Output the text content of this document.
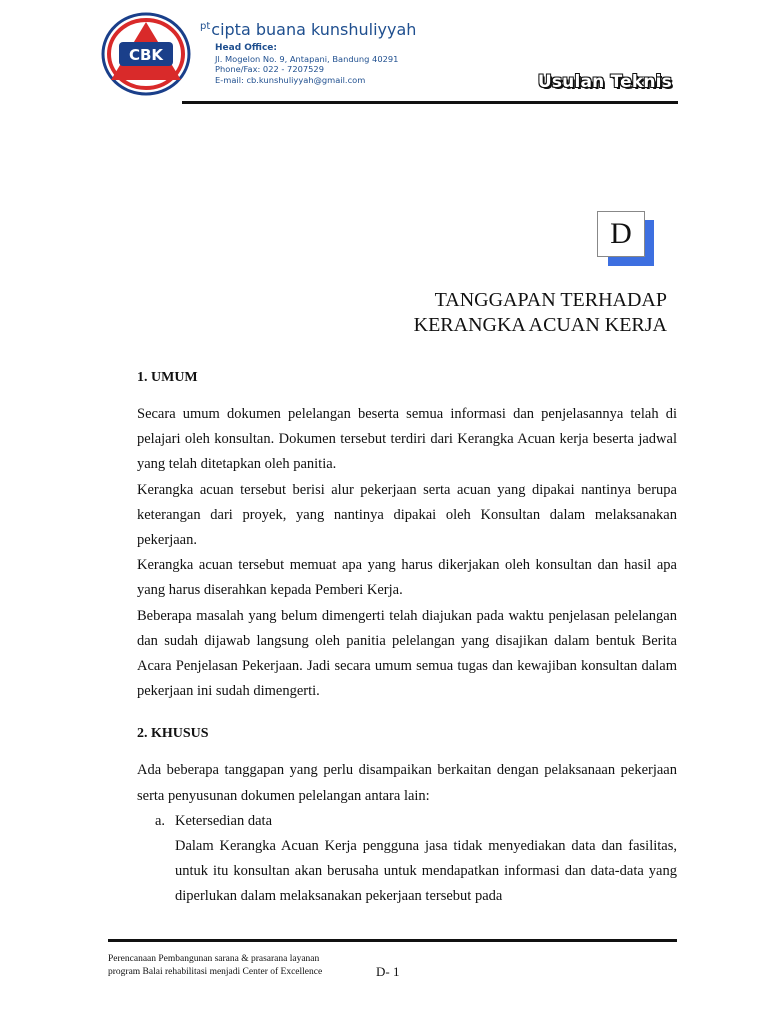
CBK
$^{pt}$cipta buana kunshuliyyah
Head Office:
Jl. Mogelon No. 9, Antapani, Bandung 40291
Phone/Fax: 022 - 7207529
E-mail: cb.kunshuliyyah@gmail.com	Usulan Teknis
D
TANGGAPAN TERHADAP
KERANGKA ACUAN KERJA
1. UMUM

Secara umum dokumen pelelangan beserta semua informasi dan penjelasannya telah di pelajari oleh konsultan. Dokumen tersebut terdiri dari Kerangka Acuan kerja beserta jadwal yang telah ditetapkan oleh panitia.

Kerangka acuan tersebut berisi alur pekerjaan serta acuan yang dipakai nantinya berupa keterangan dari proyek, yang nantinya dipakai oleh Konsultan dalam melaksanakan pekerjaan.

Kerangka acuan tersebut memuat apa yang harus dikerjakan oleh konsultan dan hasil apa yang harus diserahkan kepada Pemberi Kerja.

Beberapa masalah yang belum dimengerti telah diajukan pada waktu penjelasan pelelangan dan sudah dijawab langsung oleh panitia pelelangan yang disajikan dalam bentuk Berita Acara Penjelasan Pekerjaan. Jadi secara umum semua tugas dan kewajiban konsultan dalam pekerjaan ini sudah dimengerti.

2. KHUSUS

Ada beberapa tanggapan yang perlu disampaikan berkaitan dengan pelaksanaan pekerjaan serta penyusunan dokumen pelelangan antara lain:

a. Ketersedian data

Dalam Kerangka Acuan Kerja pengguna jasa tidak menyediakan data dan fasilitas, untuk itu konsultan akan berusaha untuk mendapatkan informasi dan data-data yang diperlukan dalam melaksanakan pekerjaan tersebut pada

Perencanaan Pembangunan sarana & prasarana layanan
program Balai rehabilitasi menjadi Center of Excellence	D- 1
